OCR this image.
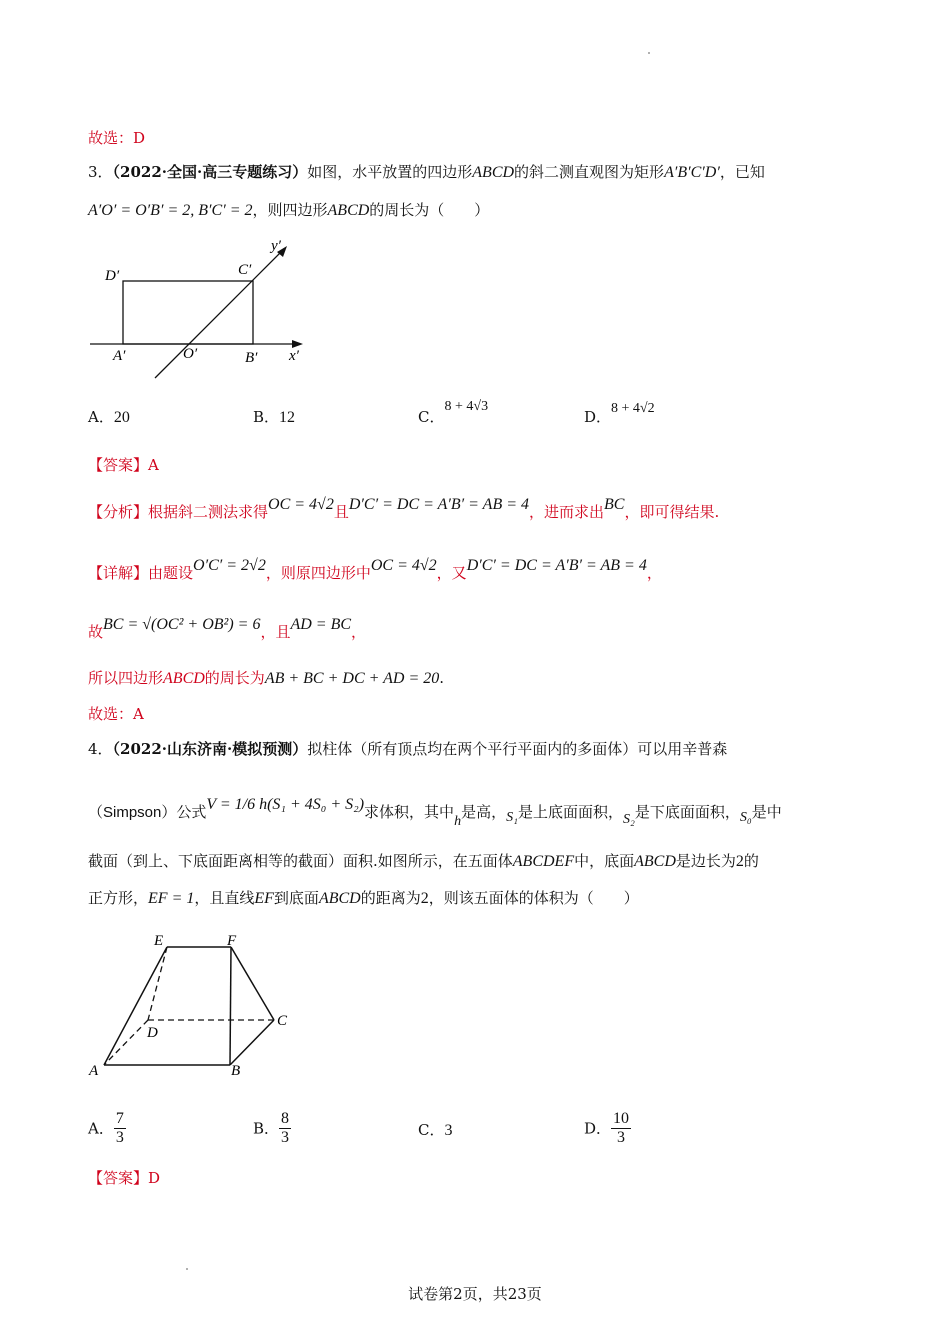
故选：D
3．（2022·全国·高三专题练习）如图，水平放置的四边形ABCD的斜二测直观图为矩形A′B′C′D′，已知
A′O′ = O′B′ = 2, B′C′ = 2，则四边形ABCD的周长为（　　）
D′	C′
y′
A′	O′	B′ x′
A．20	B．12	C．8 + 4√3
D．8 + 4√2
【答案】A
【分析】根据斜二测法求得OC = 4√2且D′C′ = DC = A′B′ = AB = 4，进而求出BC，即可得结果.
【详解】由题设O′C′ = 2√2，则原四边形中OC = 4√2，又D′C′ = DC = A′B′ = AB = 4，
故BC = √(OC² + OB²) = 6，且AD = BC，
所以四边形ABCD的周长为AB + BC + DC + AD = 20.
故选：A
4．（2022·山东济南·模拟预测）拟柱体（所有顶点均在两个平行平面内的多面体）可以用辛普森
（Simpson）公式V = 1/6 h(S₁ + 4S₀ + S₂)求体积，其中h是高，S₁是上底面面积，S₂是下底面面积，S₀是中
截面（到上、下底面距离相等的截面）面积.如图所示，在五面体ABCDEF中，底面ABCD是边长为2的
正方形，EF = 1，且直线EF到底面ABCD的距离为2，则该五面体的体积为（　　）
E	F
D
C
A	B
A． $\frac{7}{3}$	B． $\frac{8}{3}$	C．3	D． $\frac{10}{3}$
【答案】D
试卷第2页，共23页
